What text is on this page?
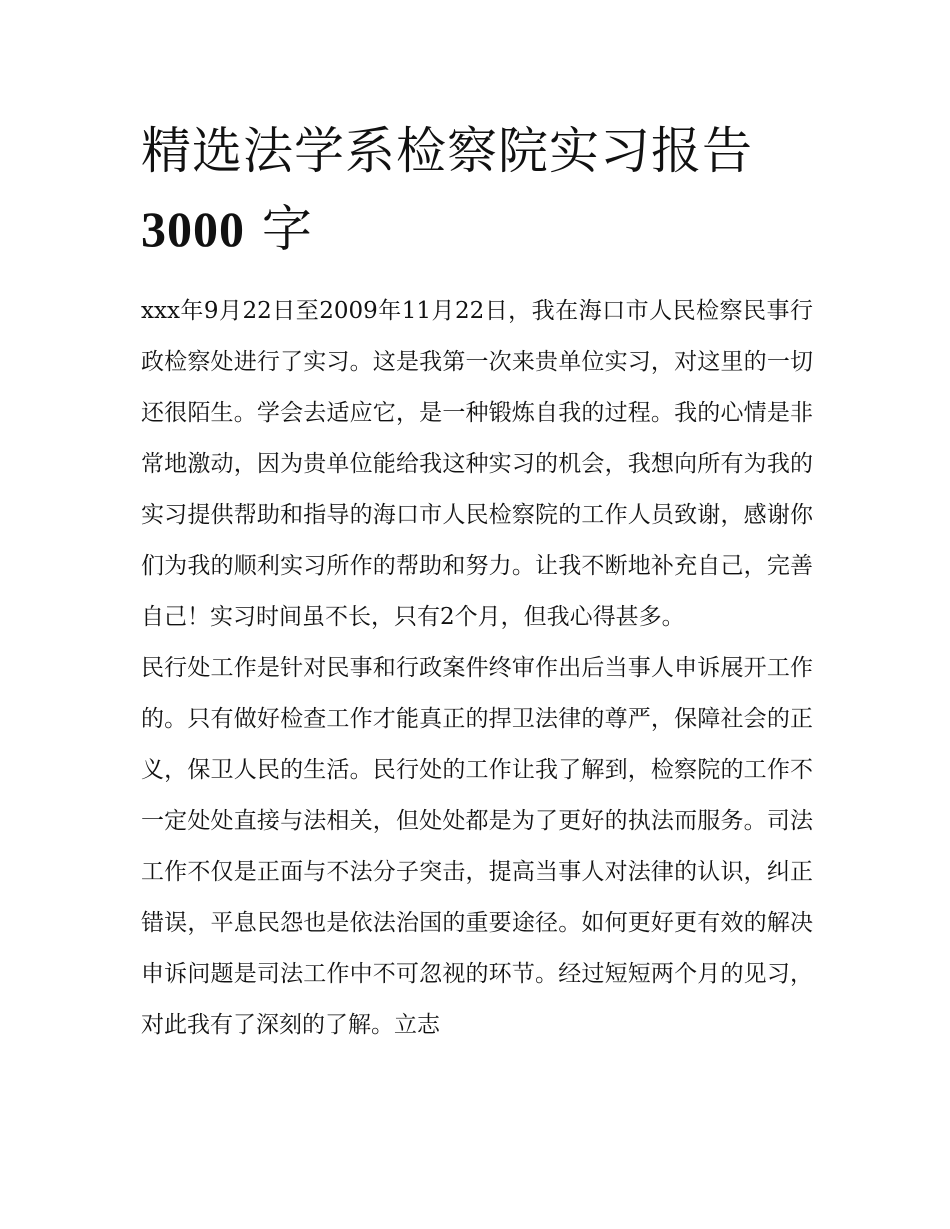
精选法学系检察院实习报告
3000 字

xxx年9月22日至2009年11月22日，我在海口市人民检察民事行政检察处进行了实习。这是我第一次来贵单位实习，对这里的一切还很陌生。学会去适应它，是一种锻炼自我的过程。我的心情是非常地激动，因为贵单位能给我这种实习的机会，我想向所有为我的实习提供帮助和指导的海口市人民检察院的工作人员致谢，感谢你们为我的顺利实习所作的帮助和努力。让我不断地补充自己，完善自己！实习时间虽不长，只有2个月，但我心得甚多。

民行处工作是针对民事和行政案件终审作出后当事人申诉展开工作的。只有做好检查工作才能真正的捍卫法律的尊严，保障社会的正义，保卫人民的生活。民行处的工作让我了解到，检察院的工作不一定处处直接与法相关，但处处都是为了更好的执法而服务。司法工作不仅是正面与不法分子突击，提高当事人对法律的认识，纠正错误，平息民怨也是依法治国的重要途径。如何更好更有效的解决申诉问题是司法工作中不可忽视的环节。经过短短两个月的见习，对此我有了深刻的了解。立志
